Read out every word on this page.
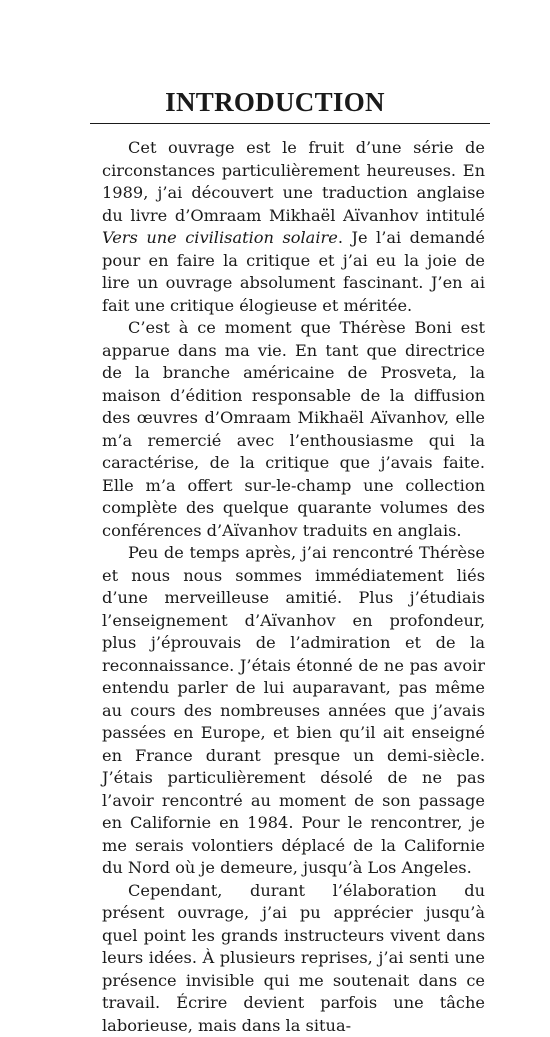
INTRODUCTION

Cet ouvrage est le fruit d’une série de circonstances particulièrement heureuses. En 1989, j’ai découvert une traduction anglaise du livre d’Omraam Mikhaël Aïvanhov intitulé Vers une civilisation solaire. Je l’ai demandé pour en faire la critique et j’ai eu la joie de lire un ouvrage absolument fascinant. J’en ai fait une critique élogieuse et méritée.

C’est à ce moment que Thérèse Boni est apparue dans ma vie. En tant que directrice de la branche américaine de Prosveta, la maison d’édition responsable de la diffusion des œuvres d’Omraam Mikhaël Aïvanhov, elle m’a remercié avec l’enthousiasme qui la caractérise, de la critique que j’avais faite. Elle m’a offert sur-le-champ une collection complète des quelque quarante volumes des conférences d’Aïvanhov traduits en anglais.

Peu de temps après, j’ai rencontré Thérèse et nous nous sommes immédiatement liés d’une merveilleuse amitié. Plus j’étudiais l’enseignement d’Aïvanhov en profondeur, plus j’éprouvais de l’admiration et de la reconnaissance. J’étais étonné de ne pas avoir entendu parler de lui auparavant, pas même au cours des nombreuses années que j’avais passées en Europe, et bien qu’il ait enseigné en France durant presque un demi-siècle. J’étais particulièrement désolé de ne pas l’avoir rencontré au moment de son passage en Californie en 1984. Pour le rencontrer, je me serais volontiers déplacé de la Californie du Nord où je demeure, jusqu’à Los Angeles.

Cependant, durant l’élaboration du présent ouvrage, j’ai pu apprécier jusqu’à quel point les grands instructeurs vivent dans leurs idées. À plusieurs reprises, j’ai senti une présence invisible qui me soutenait dans ce travail. Écrire devient parfois une tâche laborieuse, mais dans la situa-
